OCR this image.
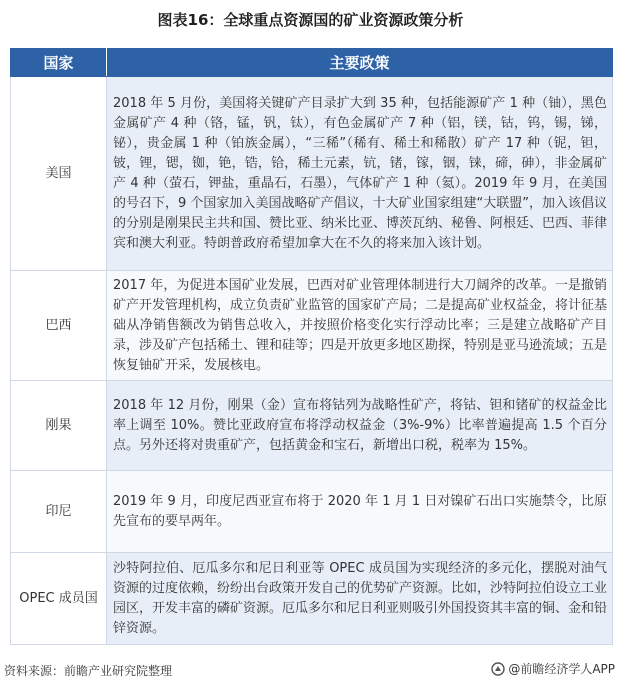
图表16：全球重点资源国的矿业资源政策分析
国家	主要政策
美国	2018 年 5 月份，美国将关键矿产目录扩大到 35 种，包括能源矿产 1 种（铀），黑色金属矿产 4 种（铬，锰，钒，钛），有色金属矿产 7 种（铝，镁，钴，钨，锡，锑，铋），贵金属 1 种（铂族金属），“三稀”（稀有、稀土和稀散）矿产 17 种（铌，钽，铍，锂，锶，铷，铯，锆，铪，稀土元素，钪，锗，镓，铟，铼，碲，砷），非金属矿产 4 种（萤石，钾盐，重晶石，石墨），气体矿产 1 种（氦）。2019 年 9 月，在美国的号召下，9 个国家加入美国战略矿产倡议，十大矿业国家组建“大联盟”，加入该倡议的分别是刚果民主共和国、赞比亚、纳米比亚、博茨瓦纳、秘鲁、阿根廷、巴西、菲律宾和澳大利亚。特朗普政府希望加拿大在不久的将来加入该计划。
巴西	2017 年，为促进本国矿业发展，巴西对矿业管理体制进行大刀阔斧的改革。一是撤销矿产开发管理机构，成立负责矿业监管的国家矿产局；二是提高矿业权益金，将计征基础从净销售额改为销售总收入，并按照价格变化实行浮动比率；三是建立战略矿产目录，涉及矿产包括稀土、锂和硅等；四是开放更多地区勘探，特别是亚马逊流域；五是恢复铀矿开采，发展核电。
刚果	2018 年 12 月份，刚果（金）宣布将钴列为战略性矿产，将钴、钽和锗矿的权益金比率上调至 10%。赞比亚政府宣布将浮动权益金（3%-9%）比率普遍提高 1.5 个百分点。另外还将对贵重矿产，包括黄金和宝石，新增出口税，税率为 15%。
印尼	2019 年 9 月，印度尼西亚宣布将于 2020 年 1 月 1 日对镍矿石出口实施禁令，比原先宣布的要早两年。
OPEC 成员国	沙特阿拉伯、厄瓜多尔和尼日利亚等 OPEC 成员国为实现经济的多元化，摆脱对油气资源的过度依赖，纷纷出台政策开发自己的优势矿产资源。比如，沙特阿拉伯设立工业园区，开发丰富的磷矿资源。厄瓜多尔和尼日利亚则吸引外国投资其丰富的铜、金和铅锌资源。
资料来源：前瞻产业研究院整理	@前瞻经济学人APP
